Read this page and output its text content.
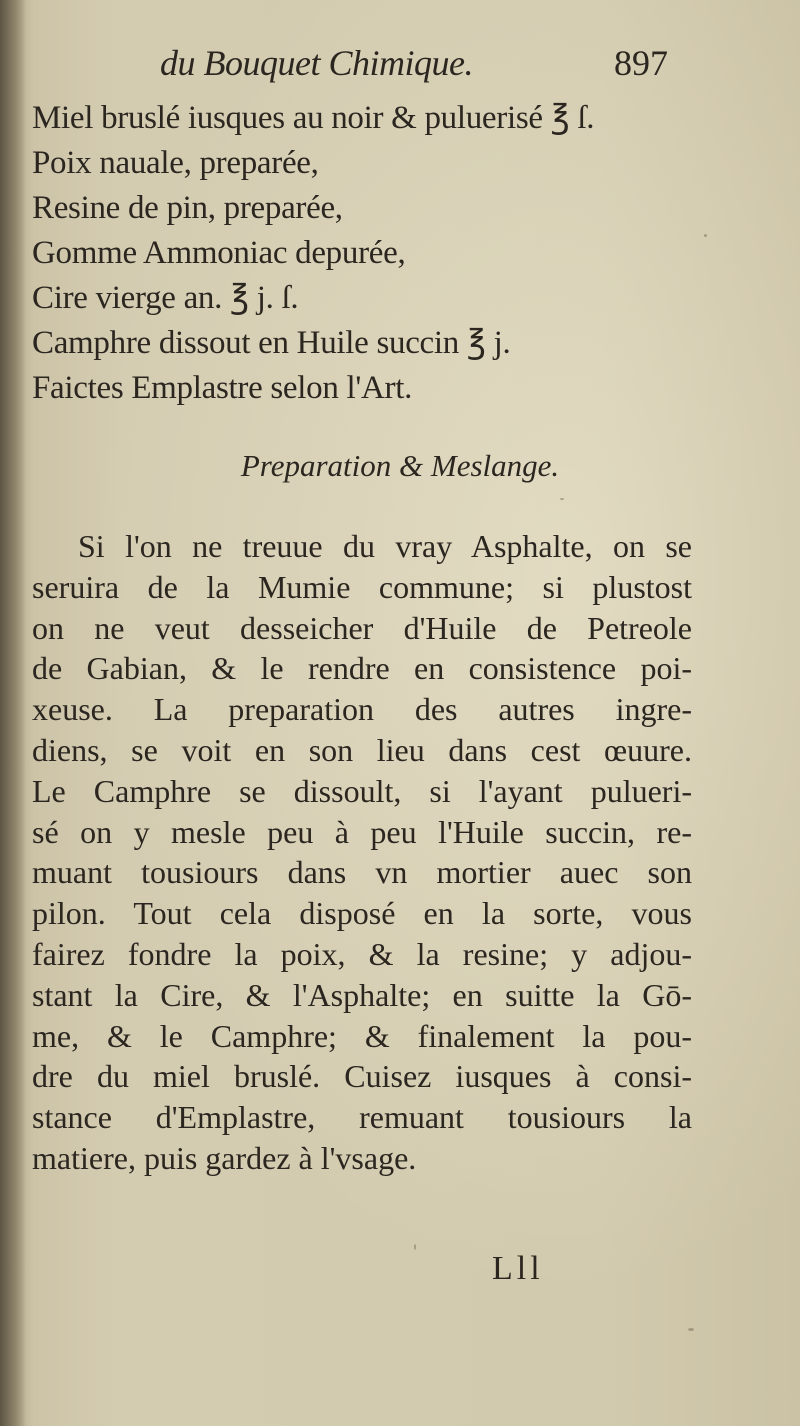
du Bouquet Chimique.	897
Miel bruslé iusques au noir & puluerisé ℥ ſ.
Poix nauale, preparée,
Resine de pin, preparée,
Gomme Ammoniac depurée,
Cire vierge an. ℥ j. ſ.
Camphre dissout en Huile succin ℥ j.
Faictes Emplastre selon l'Art.
Preparation & Meslange.
Si l'on ne treuue du vray Asphalte, on se
seruira de la Mumie commune; si plustost
on ne veut desseicher d'Huile de Petreole
de Gabian, & le rendre en consistence poi-
xeuse. La preparation des autres ingre-
diens, se voit en son lieu dans cest œuure.
Le Camphre se dissoult, si l'ayant pulueri-
sé on y mesle peu à peu l'Huile succin, re-
muant tousiours dans vn mortier auec son
pilon. Tout cela disposé en la sorte, vous
fairez fondre la poix, & la resine; y adjou-
stant la Cire, & l'Asphalte; en suitte la Gō-
me, & le Camphre; & finalement la pou-
dre du miel bruslé. Cuisez iusques à consi-
stance d'Emplastre, remuant tousiours la
matiere, puis gardez à l'vsage.
Lll
